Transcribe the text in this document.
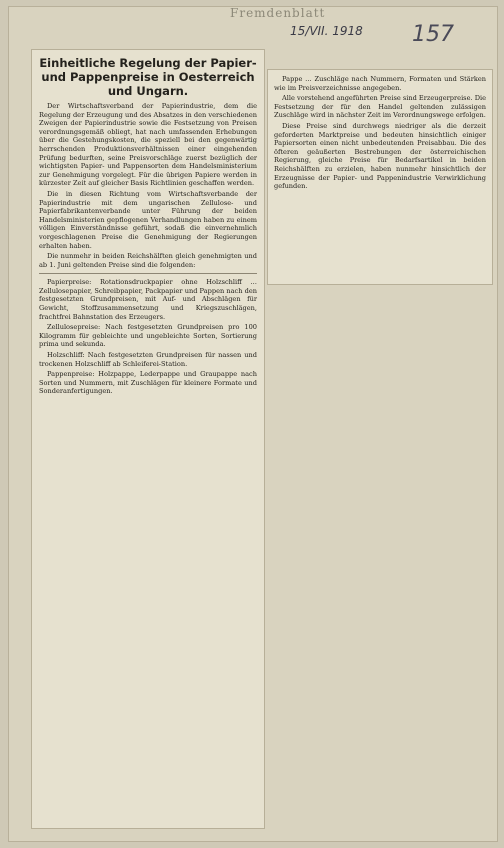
Fremdenblatt
15/VII. 1918 157
Einheitliche Regelung der Papier- und Pappenpreise in Oesterreich und Ungarn.

Der Wirtschaftsverband der Papierindustrie, dem die Regelung der Erzeugung und des Absatzes in den verschiedenen Zweigen der Papierindustrie sowie die Festsetzung von Preisen verordnungsgemäß obliegt, hat nach umfassenden Erhebungen über die Gestehungskosten, die speziell bei den gegenwärtig herrschenden Produktionsverhältnissen einer eingehenden Prüfung bedurften, seine Preisvorschläge zuerst bezüglich der wichtigsten Papier- und Pappensorten dem Handelsministerium zur Genehmigung vorgelegt. Für die übrigen Papiere werden in kürzester Zeit auf gleicher Basis Richtlinien geschaffen werden.

Die in diesen Richtung vom Wirtschaftsverbande der Papierindustrie mit dem ungarischen Zellulose- und Papierfabrikantenverbande unter Führung der beiden Handelsministerien gepflogenen Verhandlungen haben zu einem völligen Einverständnisse geführt, sodaß die einvernehmlich vorgeschlagenen Preise die Genehmigung der Regierungen erhalten haben.

Die nunmehr in beiden Reichshälften gleich genehmigten und ab 1. Juni geltenden Preise sind die folgenden:

Papierpreise: Rotationsdruckpapier ohne Holzschliff … Zellulosepapier, Schreibpapier, Packpapier und Pappen nach den festgesetzten Grundpreisen, mit Auf- und Abschlägen für Gewicht, Stoffzusammensetzung und Kriegszuschlägen, frachtfrei Bahnstation des Erzeugers.

Zellulosepreise: Nach festgesetzten Grundpreisen pro 100 Kilogramm für gebleichte und ungebleichte Sorten, Sortierung prima und sekunda.

Holzschliff: Nach festgesetzten Grundpreisen für nassen und trockenen Holzschliff ab Schleiferei-Station.

Pappenpreise: Holzpappe, Lederpappe und Graupappe nach Sorten und Nummern, mit Zuschlägen für kleinere Formate und Sonderanfertigungen.

Pappe … Zuschläge nach Nummern, Formaten und Stärken wie im Preisverzeichnisse angegeben.

Alle vorstehend angeführten Preise sind Erzeugerpreise. Die Festsetzung der für den Handel geltenden zulässigen Zuschläge wird in nächster Zeit im Verordnungswege erfolgen.

Diese Preise sind durchwegs niedriger als die derzeit geforderten Marktpreise und bedeuten hinsichtlich einiger Papiersorten einen nicht unbedeutenden Preisabbau. Die des öfteren geäußerten Bestrebungen der österreichischen Regierung, gleiche Preise für Bedarfsartikel in beiden Reichshälften zu erzielen, haben nunmehr hinsichtlich der Erzeugnisse der Papier- und Pappenindustrie Verwirklichung gefunden.
